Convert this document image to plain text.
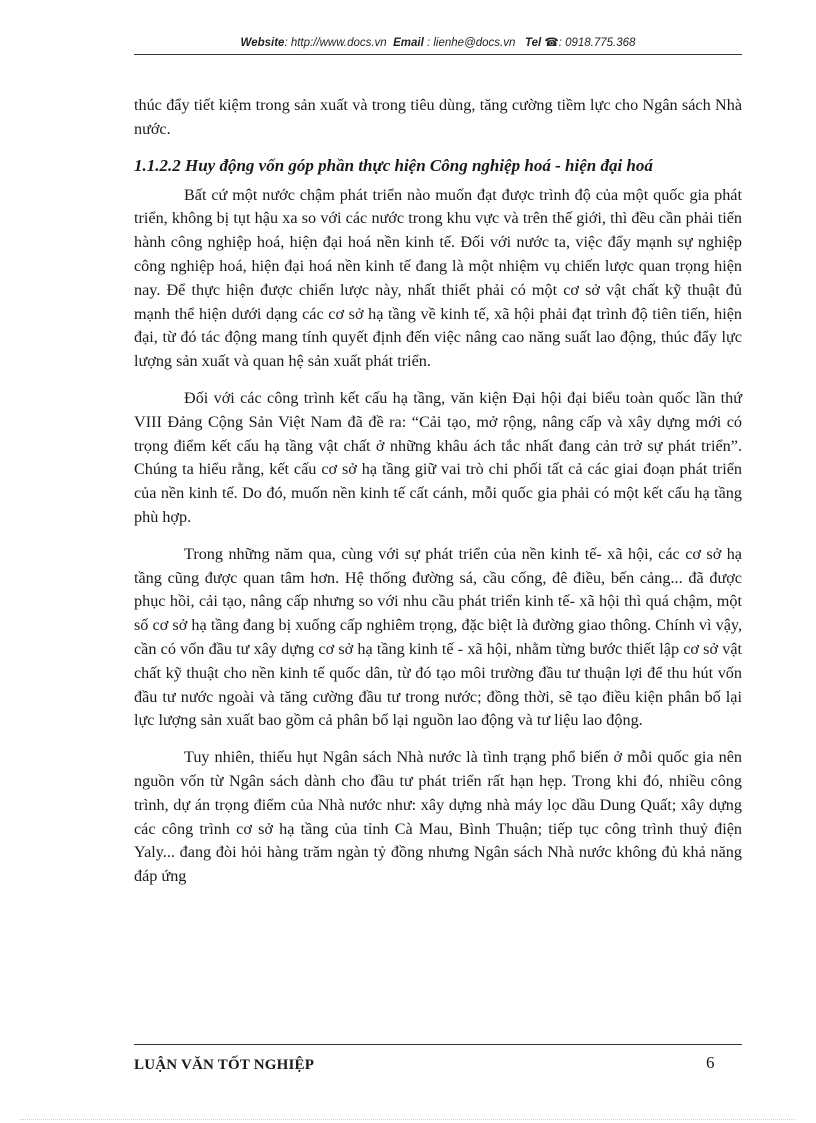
Website: http://www.docs.vn Email : lienhe@docs.vn Tel ☎: 0918.775.368

thúc đẩy tiết kiệm trong sản xuất và trong tiêu dùng, tăng cường tiềm lực cho Ngân sách Nhà nước.

1.1.2.2 Huy động vốn góp phần thực hiện Công nghiệp hoá - hiện đại hoá

Bất cứ một nước chậm phát triển nào muốn đạt được trình độ của một quốc gia phát triển, không bị tụt hậu xa so với các nước trong khu vực và trên thế giới, thì đều cần phải tiến hành công nghiệp hoá, hiện đại hoá nền kinh tế. Đối với nước ta, việc đẩy mạnh sự nghiệp công nghiệp hoá, hiện đại hoá nền kinh tế đang là một nhiệm vụ chiến lược quan trọng hiện nay. Để thực hiện được chiến lược này, nhất thiết phải có một cơ sở vật chất kỹ thuật đủ mạnh thể hiện dưới dạng các cơ sở hạ tầng về kinh tế, xã hội phải đạt trình độ tiên tiến, hiện đại, từ đó tác động mang tính quyết định đến việc nâng cao năng suất lao động, thúc đẩy lực lượng sản xuất và quan hệ sản xuất phát triển.

Đối với các công trình kết cấu hạ tầng, văn kiện Đại hội đại biểu toàn quốc lần thứ VIII Đảng Cộng Sản Việt Nam đã đề ra: “Cải tạo, mở rộng, nâng cấp và xây dựng mới có trọng điểm kết cấu hạ tầng vật chất ở những khâu ách tắc nhất đang cản trở sự phát triển”. Chúng ta hiểu rằng, kết cấu cơ sở hạ tầng giữ vai trò chi phối tất cả các giai đoạn phát triển của nền kinh tế. Do đó, muốn nền kinh tế cất cánh, mỗi quốc gia phải có một kết cấu hạ tầng phù hợp.

Trong những năm qua, cùng với sự phát triển của nền kinh tế- xã hội, các cơ sở hạ tầng cũng được quan tâm hơn. Hệ thống đường sá, cầu cống, đê điều, bến cảng... đã được phục hồi, cải tạo, nâng cấp nhưng so với nhu cầu phát triển kinh tế- xã hội thì quá chậm, một số cơ sở hạ tầng đang bị xuống cấp nghiêm trọng, đặc biệt là đường giao thông. Chính vì vậy, cần có vốn đầu tư xây dựng cơ sở hạ tầng kinh tế - xã hội, nhằm từng bước thiết lập cơ sở vật chất kỹ thuật cho nền kinh tế quốc dân, từ đó tạo môi trường đầu tư thuận lợi để thu hút vốn đầu tư nước ngoài và tăng cường đầu tư trong nước; đồng thời, sẽ tạo điều kiện phân bố lại lực lượng sản xuất bao gồm cả phân bố lại nguồn lao động và tư liệu lao động.

Tuy nhiên, thiếu hụt Ngân sách Nhà nước là tình trạng phổ biến ở mỗi quốc gia nên nguồn vốn từ Ngân sách dành cho đầu tư phát triển rất hạn hẹp. Trong khi đó, nhiều công trình, dự án trọng điểm của Nhà nước như: xây dựng nhà máy lọc dầu Dung Quất; xây dựng các công trình cơ sở hạ tầng của tỉnh Cà Mau, Bình Thuận; tiếp tục công trình thuỷ điện Yaly... đang đòi hỏi hàng trăm ngàn tỷ đồng nhưng Ngân sách Nhà nước không đủ khả năng đáp ứng

LUẬN VĂN TỐT NGHIỆP	6
